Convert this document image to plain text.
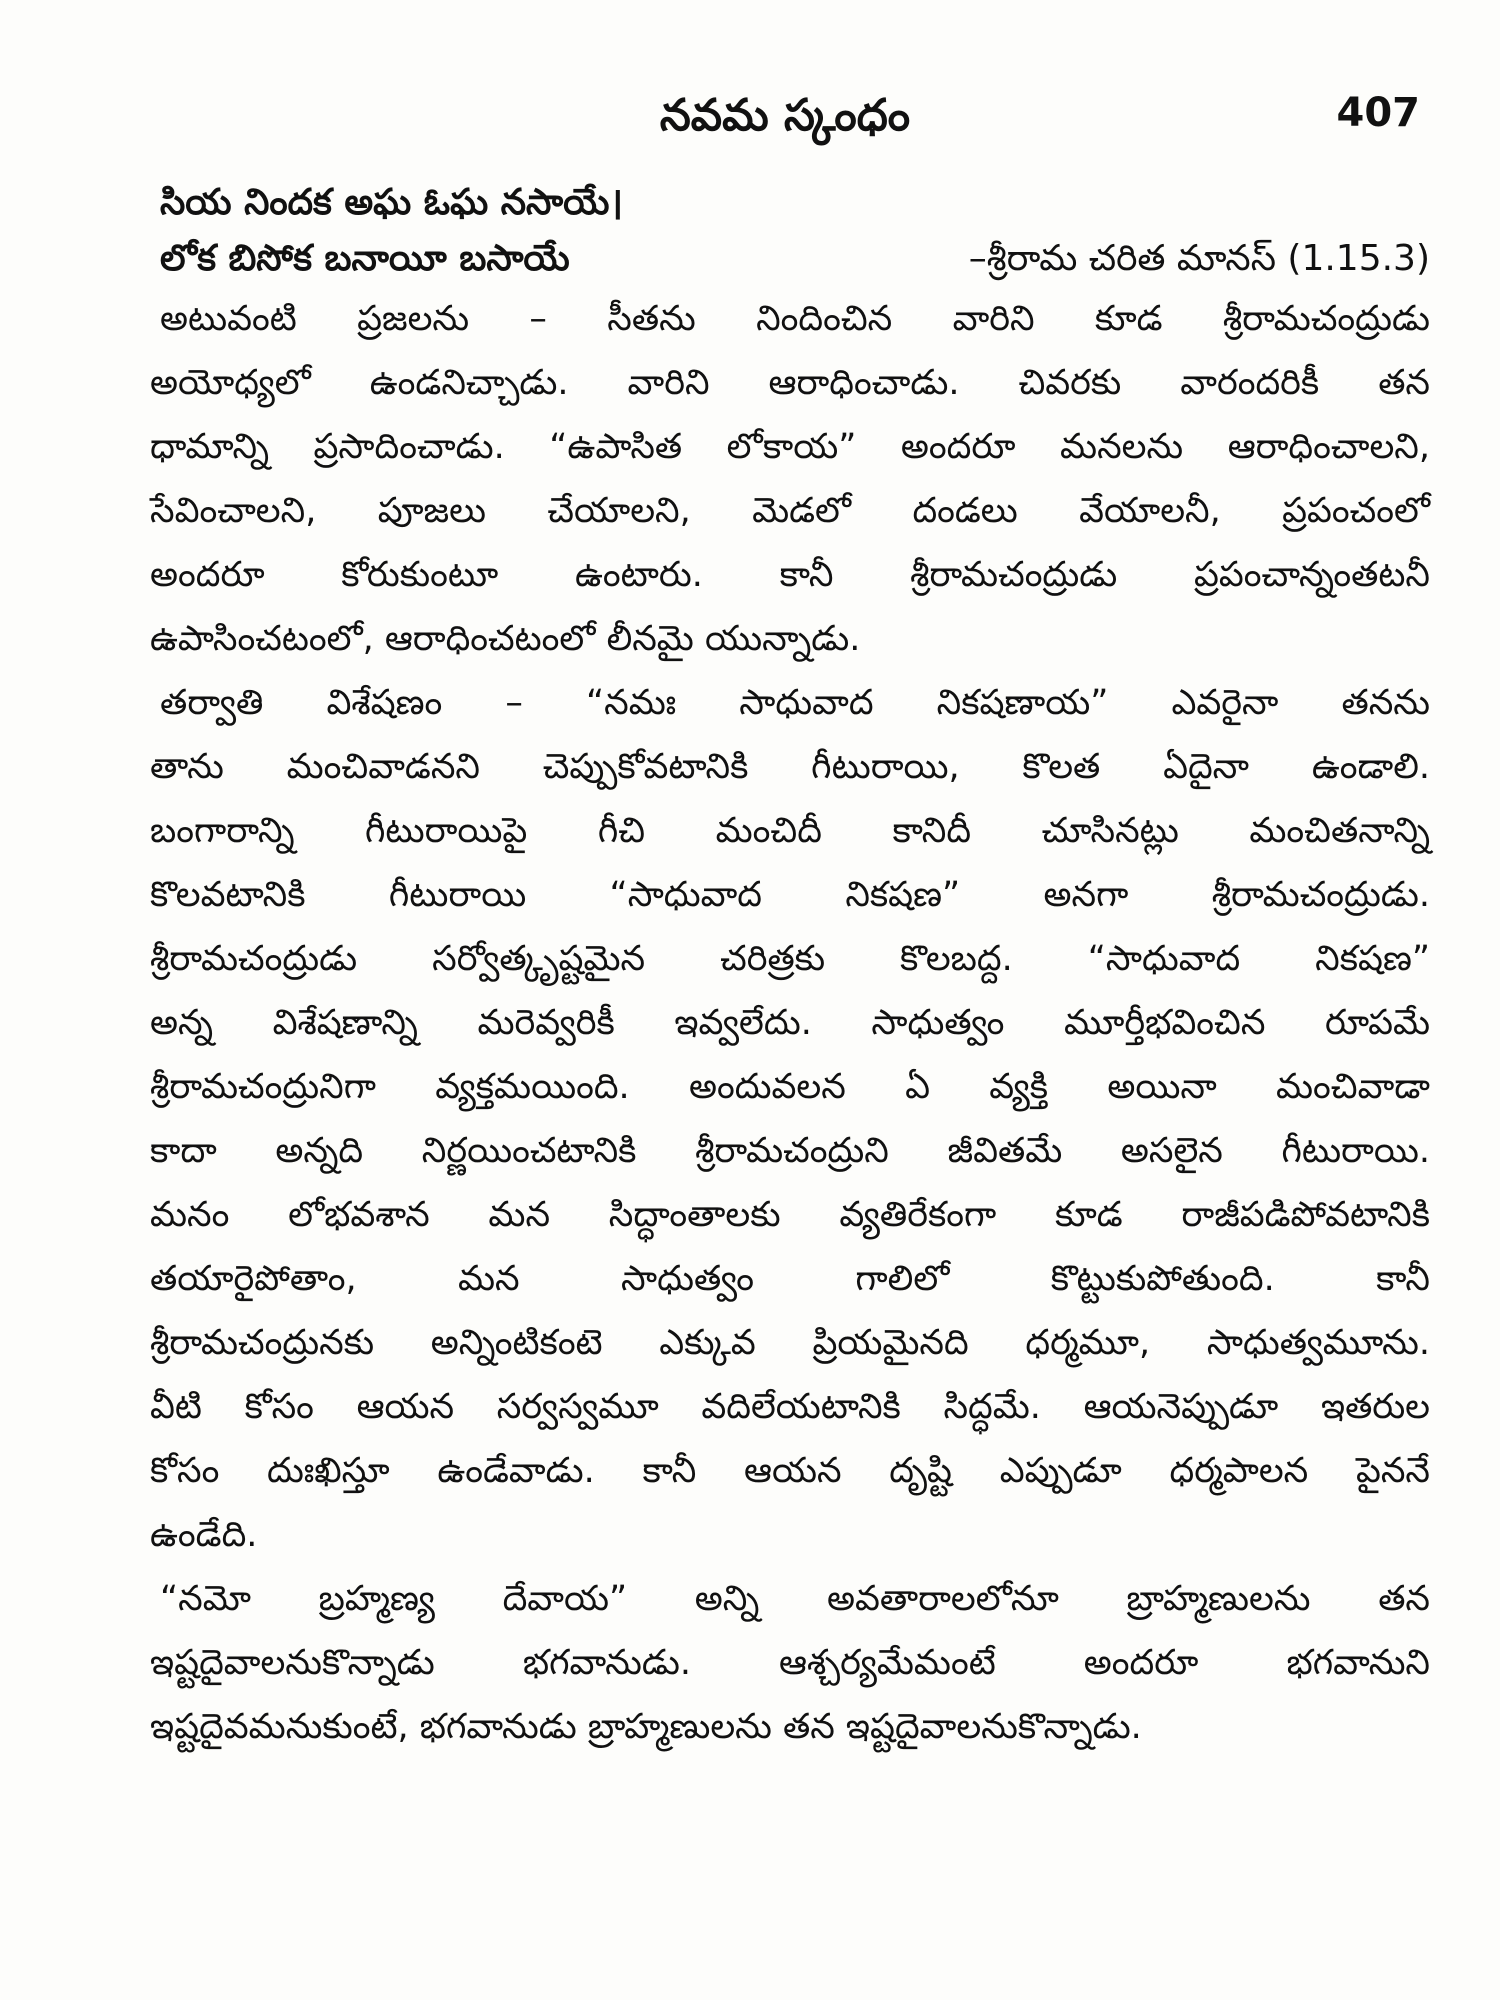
నవమ స్కంధం	407
సియ నిందక అఘ ఓఘ నసాయే।
లోక బిసోక బనాయీ బసాయే	–శ్రీరామ చరిత మానస్ (1.15.3)
అటువంటి ప్రజలను – సీతను నిందించిన వారిని కూడ శ్రీరామచంద్రుడు
అయోధ్యలో ఉండనిచ్చాడు. వారిని ఆరాధించాడు. చివరకు వారందరికీ తన
ధామాన్ని ప్రసాదించాడు. “ఉపాసిత లోకాయ” అందరూ మనలను ఆరాధించాలని,
సేవించాలని, పూజలు చేయాలని, మెడలో దండలు వేయాలనీ, ప్రపంచంలో
అందరూ కోరుకుంటూ ఉంటారు. కానీ శ్రీరామచంద్రుడు ప్రపంచాన్నంతటనీ
ఉపాసించటంలో, ఆరాధించటంలో లీనమై యున్నాడు.
తర్వాతి విశేషణం – “నమః సాధువాద నికషణాయ” ఎవరైనా తనను
తాను మంచివాడనని చెప్పుకోవటానికి గీటురాయి, కొలత ఏదైనా ఉండాలి.
బంగారాన్ని గీటురాయిపై గీచి మంచిదీ కానిదీ చూసినట్లు మంచితనాన్ని
కొలవటానికి గీటురాయి “సాధువాద నికషణ” అనగా శ్రీరామచంద్రుడు.
శ్రీరామచంద్రుడు సర్వోత్కృష్టమైన చరిత్రకు కొలబద్ద. “సాధువాద నికషణ”
అన్న విశేషణాన్ని మరెవ్వరికీ ఇవ్వలేదు. సాధుత్వం మూర్తీభవించిన రూపమే
శ్రీరామచంద్రునిగా వ్యక్తమయింది. అందువలన ఏ వ్యక్తి అయినా మంచివాడా
కాదా అన్నది నిర్ణయించటానికి శ్రీరామచంద్రుని జీవితమే అసలైన గీటురాయి.
మనం లోభవశాన మన సిద్ధాంతాలకు వ్యతిరేకంగా కూడ రాజీపడిపోవటానికి
తయారైపోతాం, మన సాధుత్వం గాలిలో కొట్టుకుపోతుంది. కానీ
శ్రీరామచంద్రునకు అన్నింటికంటె ఎక్కువ ప్రియమైనది ధర్మమూ, సాధుత్వమూను.
వీటి కోసం ఆయన సర్వస్వమూ వదిలేయటానికి సిద్ధమే. ఆయనెప్పుడూ ఇతరుల
కోసం దుఃఖిస్తూ ఉండేవాడు. కానీ ఆయన దృష్టి ఎప్పుడూ ధర్మపాలన పైననే
ఉండేది.
“నమో బ్రహ్మణ్య దేవాయ” అన్ని అవతారాలలోనూ బ్రాహ్మణులను తన
ఇష్టదైవాలనుకొన్నాడు భగవానుడు. ఆశ్చర్యమేమంటే అందరూ భగవానుని
ఇష్టదైవమనుకుంటే, భగవానుడు బ్రాహ్మణులను తన ఇష్టదైవాలనుకొన్నాడు.
